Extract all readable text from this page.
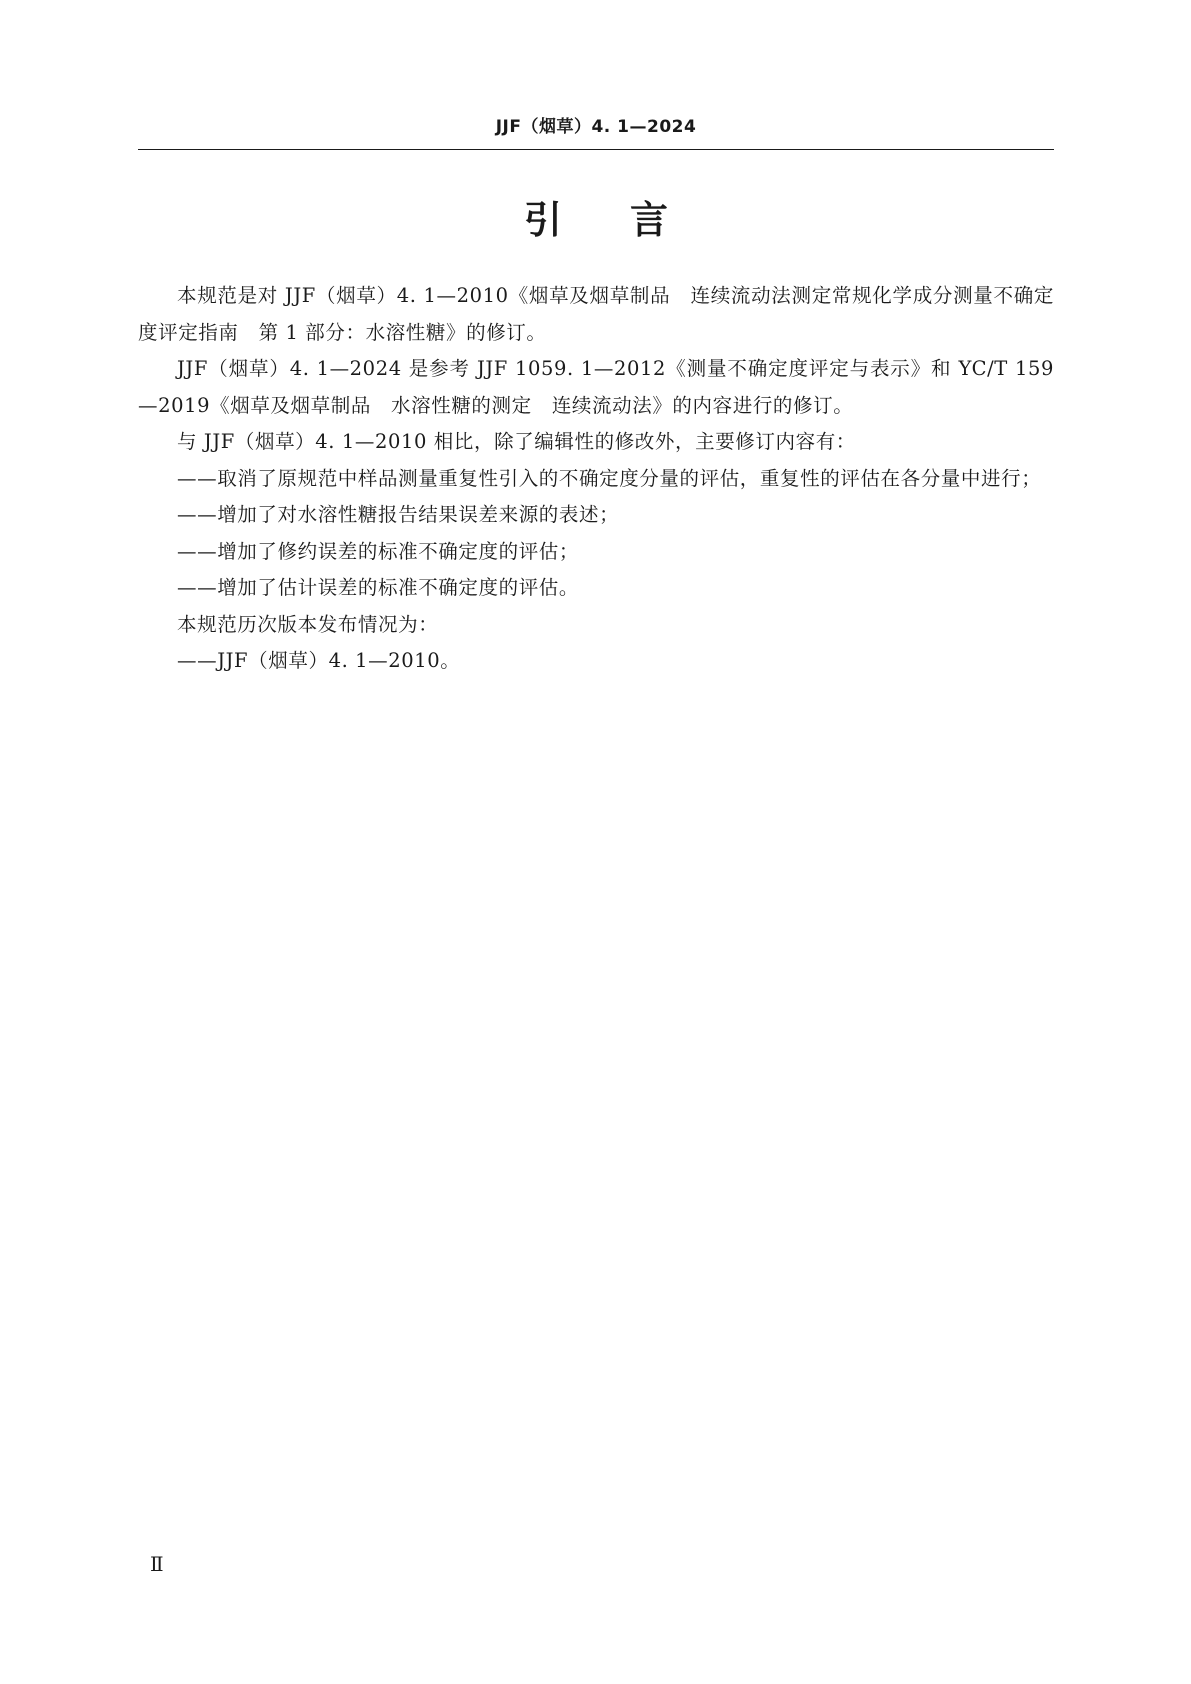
JJF（烟草）4. 1—2024
引言

本规范是对 JJF（烟草）4. 1—2010《烟草及烟草制品　连续流动法测定常规化学成分测量不确定度评定指南　第 1 部分：水溶性糖》的修订。

JJF（烟草）4. 1—2024 是参考 JJF 1059. 1—2012《测量不确定度评定与表示》和 YC/T 159—2019《烟草及烟草制品　水溶性糖的测定　连续流动法》的内容进行的修订。

与 JJF（烟草）4. 1—2010 相比，除了编辑性的修改外，主要修订内容有：

——取消了原规范中样品测量重复性引入的不确定度分量的评估，重复性的评估在各分量中进行；

——增加了对水溶性糖报告结果误差来源的表述；

——增加了修约误差的标准不确定度的评估；

——增加了估计误差的标准不确定度的评估。

本规范历次版本发布情况为：

——JJF（烟草）4. 1—2010。

Ⅱ
